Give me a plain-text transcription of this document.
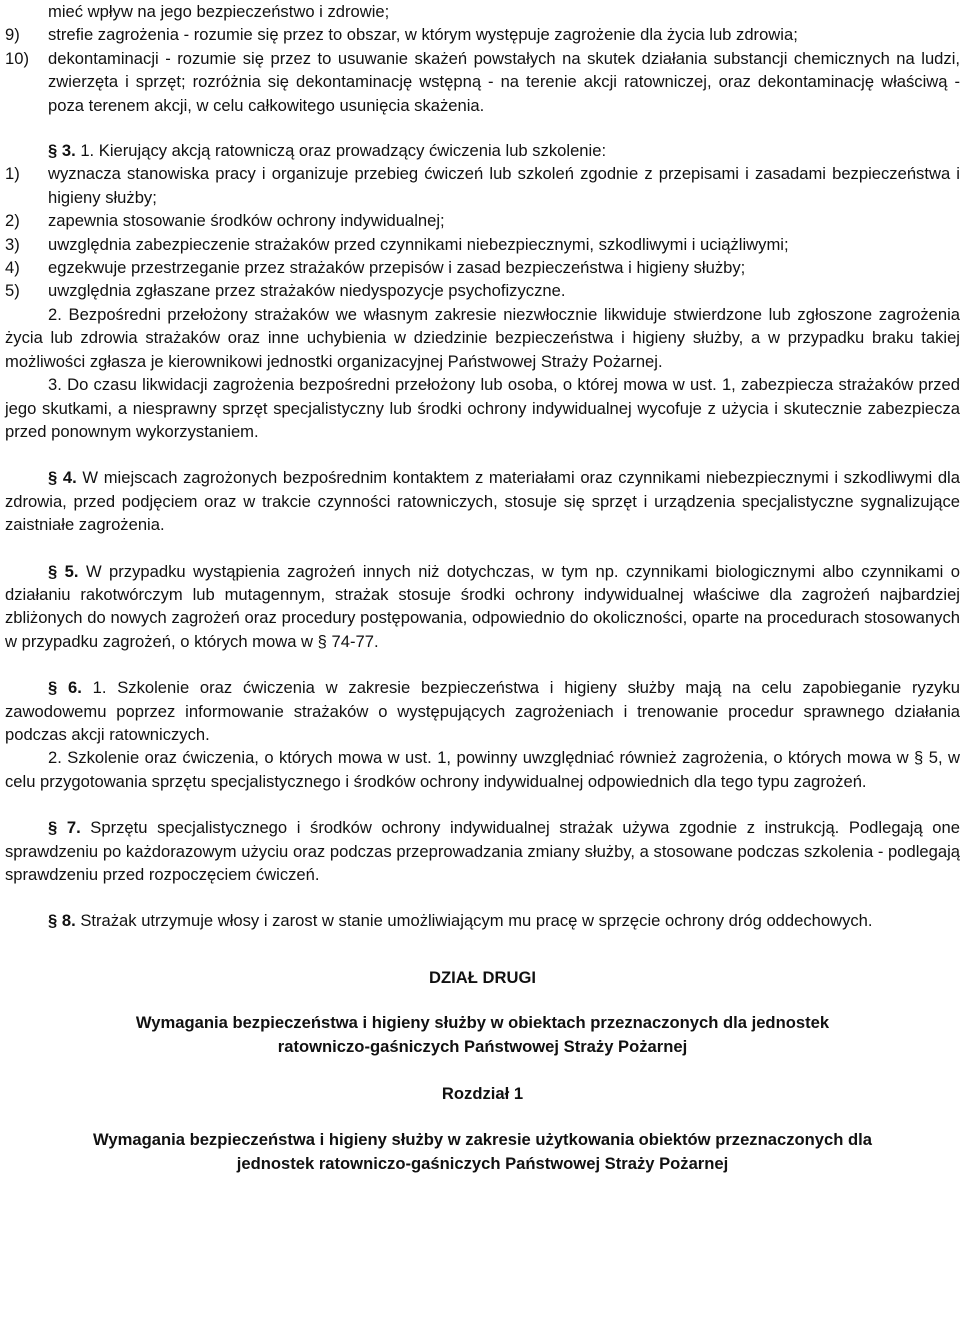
mieć wpływ na jego bezpieczeństwo i zdrowie;

9) strefie zagrożenia - rozumie się przez to obszar, w którym występuje zagrożenie dla życia lub zdrowia;

10) dekontaminacji - rozumie się przez to usuwanie skażeń powstałych na skutek działania substancji chemicznych na ludzi, zwierzęta i sprzęt; rozróżnia się dekontaminację wstępną - na terenie akcji ratowniczej, oraz dekontaminację właściwą - poza terenem akcji, w celu całkowitego usunięcia skażenia.

§ 3. 1. Kierujący akcją ratowniczą oraz prowadzący ćwiczenia lub szkolenie:

1) wyznacza stanowiska pracy i organizuje przebieg ćwiczeń lub szkoleń zgodnie z przepisami i zasadami bezpieczeństwa i higieny służby;

2) zapewnia stosowanie środków ochrony indywidualnej;

3) uwzględnia zabezpieczenie strażaków przed czynnikami niebezpiecznymi, szkodliwymi i uciążliwymi;

4) egzekwuje przestrzeganie przez strażaków przepisów i zasad bezpieczeństwa i higieny służby;

5) uwzględnia zgłaszane przez strażaków niedyspozycje psychofizyczne.

2. Bezpośredni przełożony strażaków we własnym zakresie niezwłocznie likwiduje stwierdzone lub zgłoszone zagrożenia życia lub zdrowia strażaków oraz inne uchybienia w dziedzinie bezpieczeństwa i higieny służby, a w przypadku braku takiej możliwości zgłasza je kierownikowi jednostki organizacyjnej Państwowej Straży Pożarnej.

3. Do czasu likwidacji zagrożenia bezpośredni przełożony lub osoba, o której mowa w ust. 1, zabezpiecza strażaków przed jego skutkami, a niesprawny sprzęt specjalistyczny lub środki ochrony indywidualnej wycofuje z użycia i skutecznie zabezpiecza przed ponownym wykorzystaniem.

§ 4. W miejscach zagrożonych bezpośrednim kontaktem z materiałami oraz czynnikami niebezpiecznymi i szkodliwymi dla zdrowia, przed podjęciem oraz w trakcie czynności ratowniczych, stosuje się sprzęt i urządzenia specjalistyczne sygnalizujące zaistniałe zagrożenia.

§ 5. W przypadku wystąpienia zagrożeń innych niż dotychczas, w tym np. czynnikami biologicznymi albo czynnikami o działaniu rakotwórczym lub mutagennym, strażak stosuje środki ochrony indywidualnej właściwe dla zagrożeń najbardziej zbliżonych do nowych zagrożeń oraz procedury postępowania, odpowiednio do okoliczności, oparte na procedurach stosowanych w przypadku zagrożeń, o których mowa w § 74-77.

§ 6. 1. Szkolenie oraz ćwiczenia w zakresie bezpieczeństwa i higieny służby mają na celu zapobieganie ryzyku zawodowemu poprzez informowanie strażaków o występujących zagrożeniach i trenowanie procedur sprawnego działania podczas akcji ratowniczych.

2. Szkolenie oraz ćwiczenia, o których mowa w ust. 1, powinny uwzględniać również zagrożenia, o których mowa w § 5, w celu przygotowania sprzętu specjalistycznego i środków ochrony indywidualnej odpowiednich dla tego typu zagrożeń.

§ 7. Sprzętu specjalistycznego i środków ochrony indywidualnej strażak używa zgodnie z instrukcją. Podlegają one sprawdzeniu po każdorazowym użyciu oraz podczas przeprowadzania zmiany służby, a stosowane podczas szkolenia - podlegają sprawdzeniu przed rozpoczęciem ćwiczeń.

§ 8. Strażak utrzymuje włosy i zarost w stanie umożliwiającym mu pracę w sprzęcie ochrony dróg oddechowych.

DZIAŁ DRUGI

Wymagania bezpieczeństwa i higieny służby w obiektach przeznaczonych dla jednostek

ratowniczo-gaśniczych Państwowej Straży Pożarnej

Rozdział 1

Wymagania bezpieczeństwa i higieny służby w zakresie użytkowania obiektów przeznaczonych dla

jednostek ratowniczo-gaśniczych Państwowej Straży Pożarnej
